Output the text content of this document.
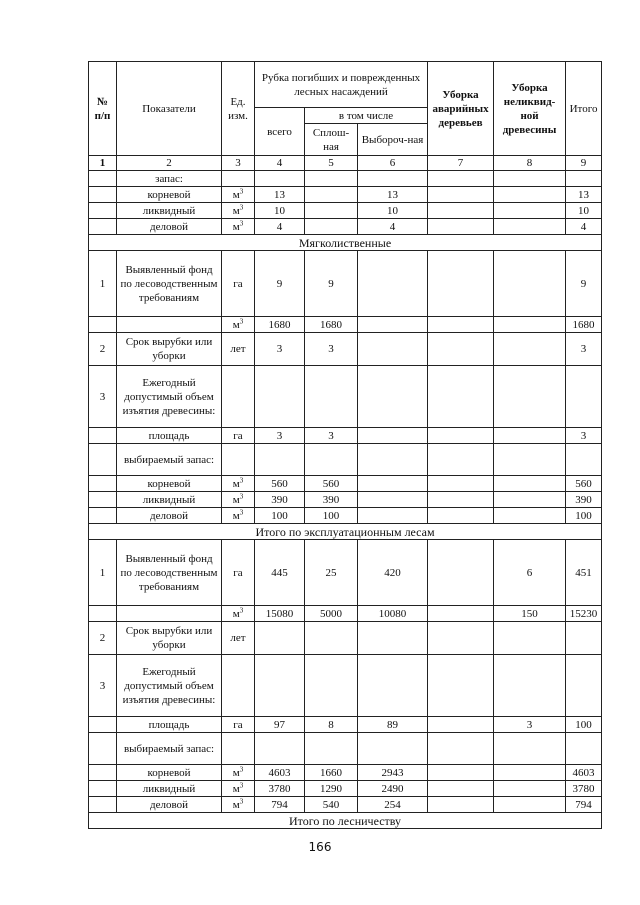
№ п/п	Показатели	Ед. изм.	Рубка погибших и поврежденных лесных насаждений			Уборка аварийных деревьев	Уборка неликвид-ной древесины	Итого
			всего	в том числе				
				Сплош-ная	Выбороч-ная			
1	2	3	4	5	6	7	8	9
	запас:							
	корневой	$м^3$	13		13			13
	ликвидный	$м^3$	10		10			10
	деловой	$м^3$	4		4			4
Мягколиственные								
1	Выявленный фонд по лесоводственным требованиям	га	9	9				9
		$м^3$	1680	1680				1680
2	Срок вырубки или уборки	лет	3	3				3
3	Ежегодный допустимый объем изъятия древесины:							
	площадь	га	3	3				3
	выбираемый запас:							
	корневой	$м^3$	560	560				560
	ликвидный	$м^3$	390	390				390
	деловой	$м^3$	100	100				100
Итого по эксплуатационным лесам								
1	Выявленный фонд по лесоводственным требованиям	га	445	25	420		6	451
		$м^3$	15080	5000	10080		150	15230
2	Срок вырубки или уборки	лет						
3	Ежегодный допустимый объем изъятия древесины:							
	площадь	га	97	8	89		3	100
	выбираемый запас:							
	корневой	$м^3$	4603	1660	2943			4603
	ликвидный	$м^3$	3780	1290	2490			3780
	деловой	$м^3$	794	540	254			794
Итого по лесничеству								
166
